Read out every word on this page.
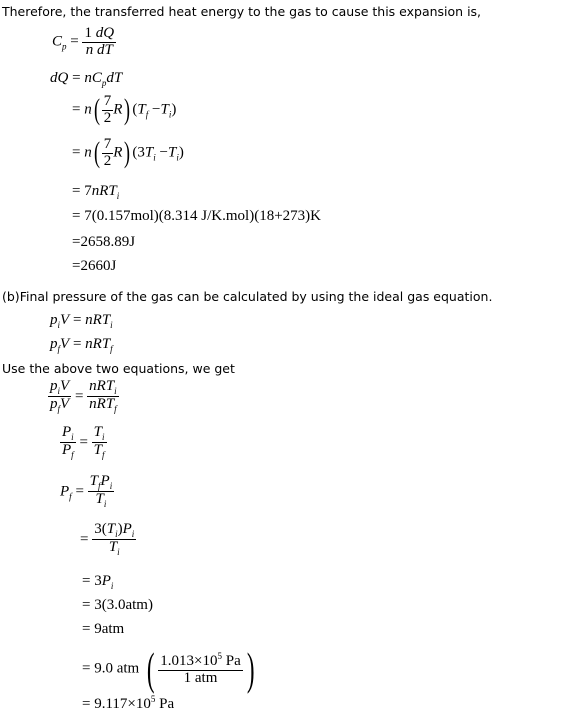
Therefore, the transferred heat energy to the gas to cause this expansion is,
$C_p = \frac{1 dQ}{\text{n dT}}$
dQ = $nC_pdT$
= $n( \frac{7}{2} R)$ $(T_f -T_i)$
= $n( \frac{7}{2} R)$ $(3T_i -T_i)$
= 7nRT$_i$
= 7(0.157mol)(8.314 J/K.mol)(18+273)K
=2658.89J
=2660J
(b)Final pressure of the gas can be calculated by using the ideal gas equation.
$p_iV = nRT_i$
$p_fV = nRT_f$
Use the above two equations, we get
$\frac{p_iV}{p_fV} = \frac{nRT_i}{nRT_f}$
$\frac{P_i}{P_f} = \frac{T_i}{T_f}$
$P_f = \frac{T_fP_i}{T_i}$
= $\frac{3(T_i)P_i}{T_i}$
= $3P_i$
= 3(3.0atm)
= 9atm
= 9.0 atm ( $\frac{1.013\times 10^5 Pa}{\text{1 atm}}$ )
= $9.117\times 10^5$ Pa
